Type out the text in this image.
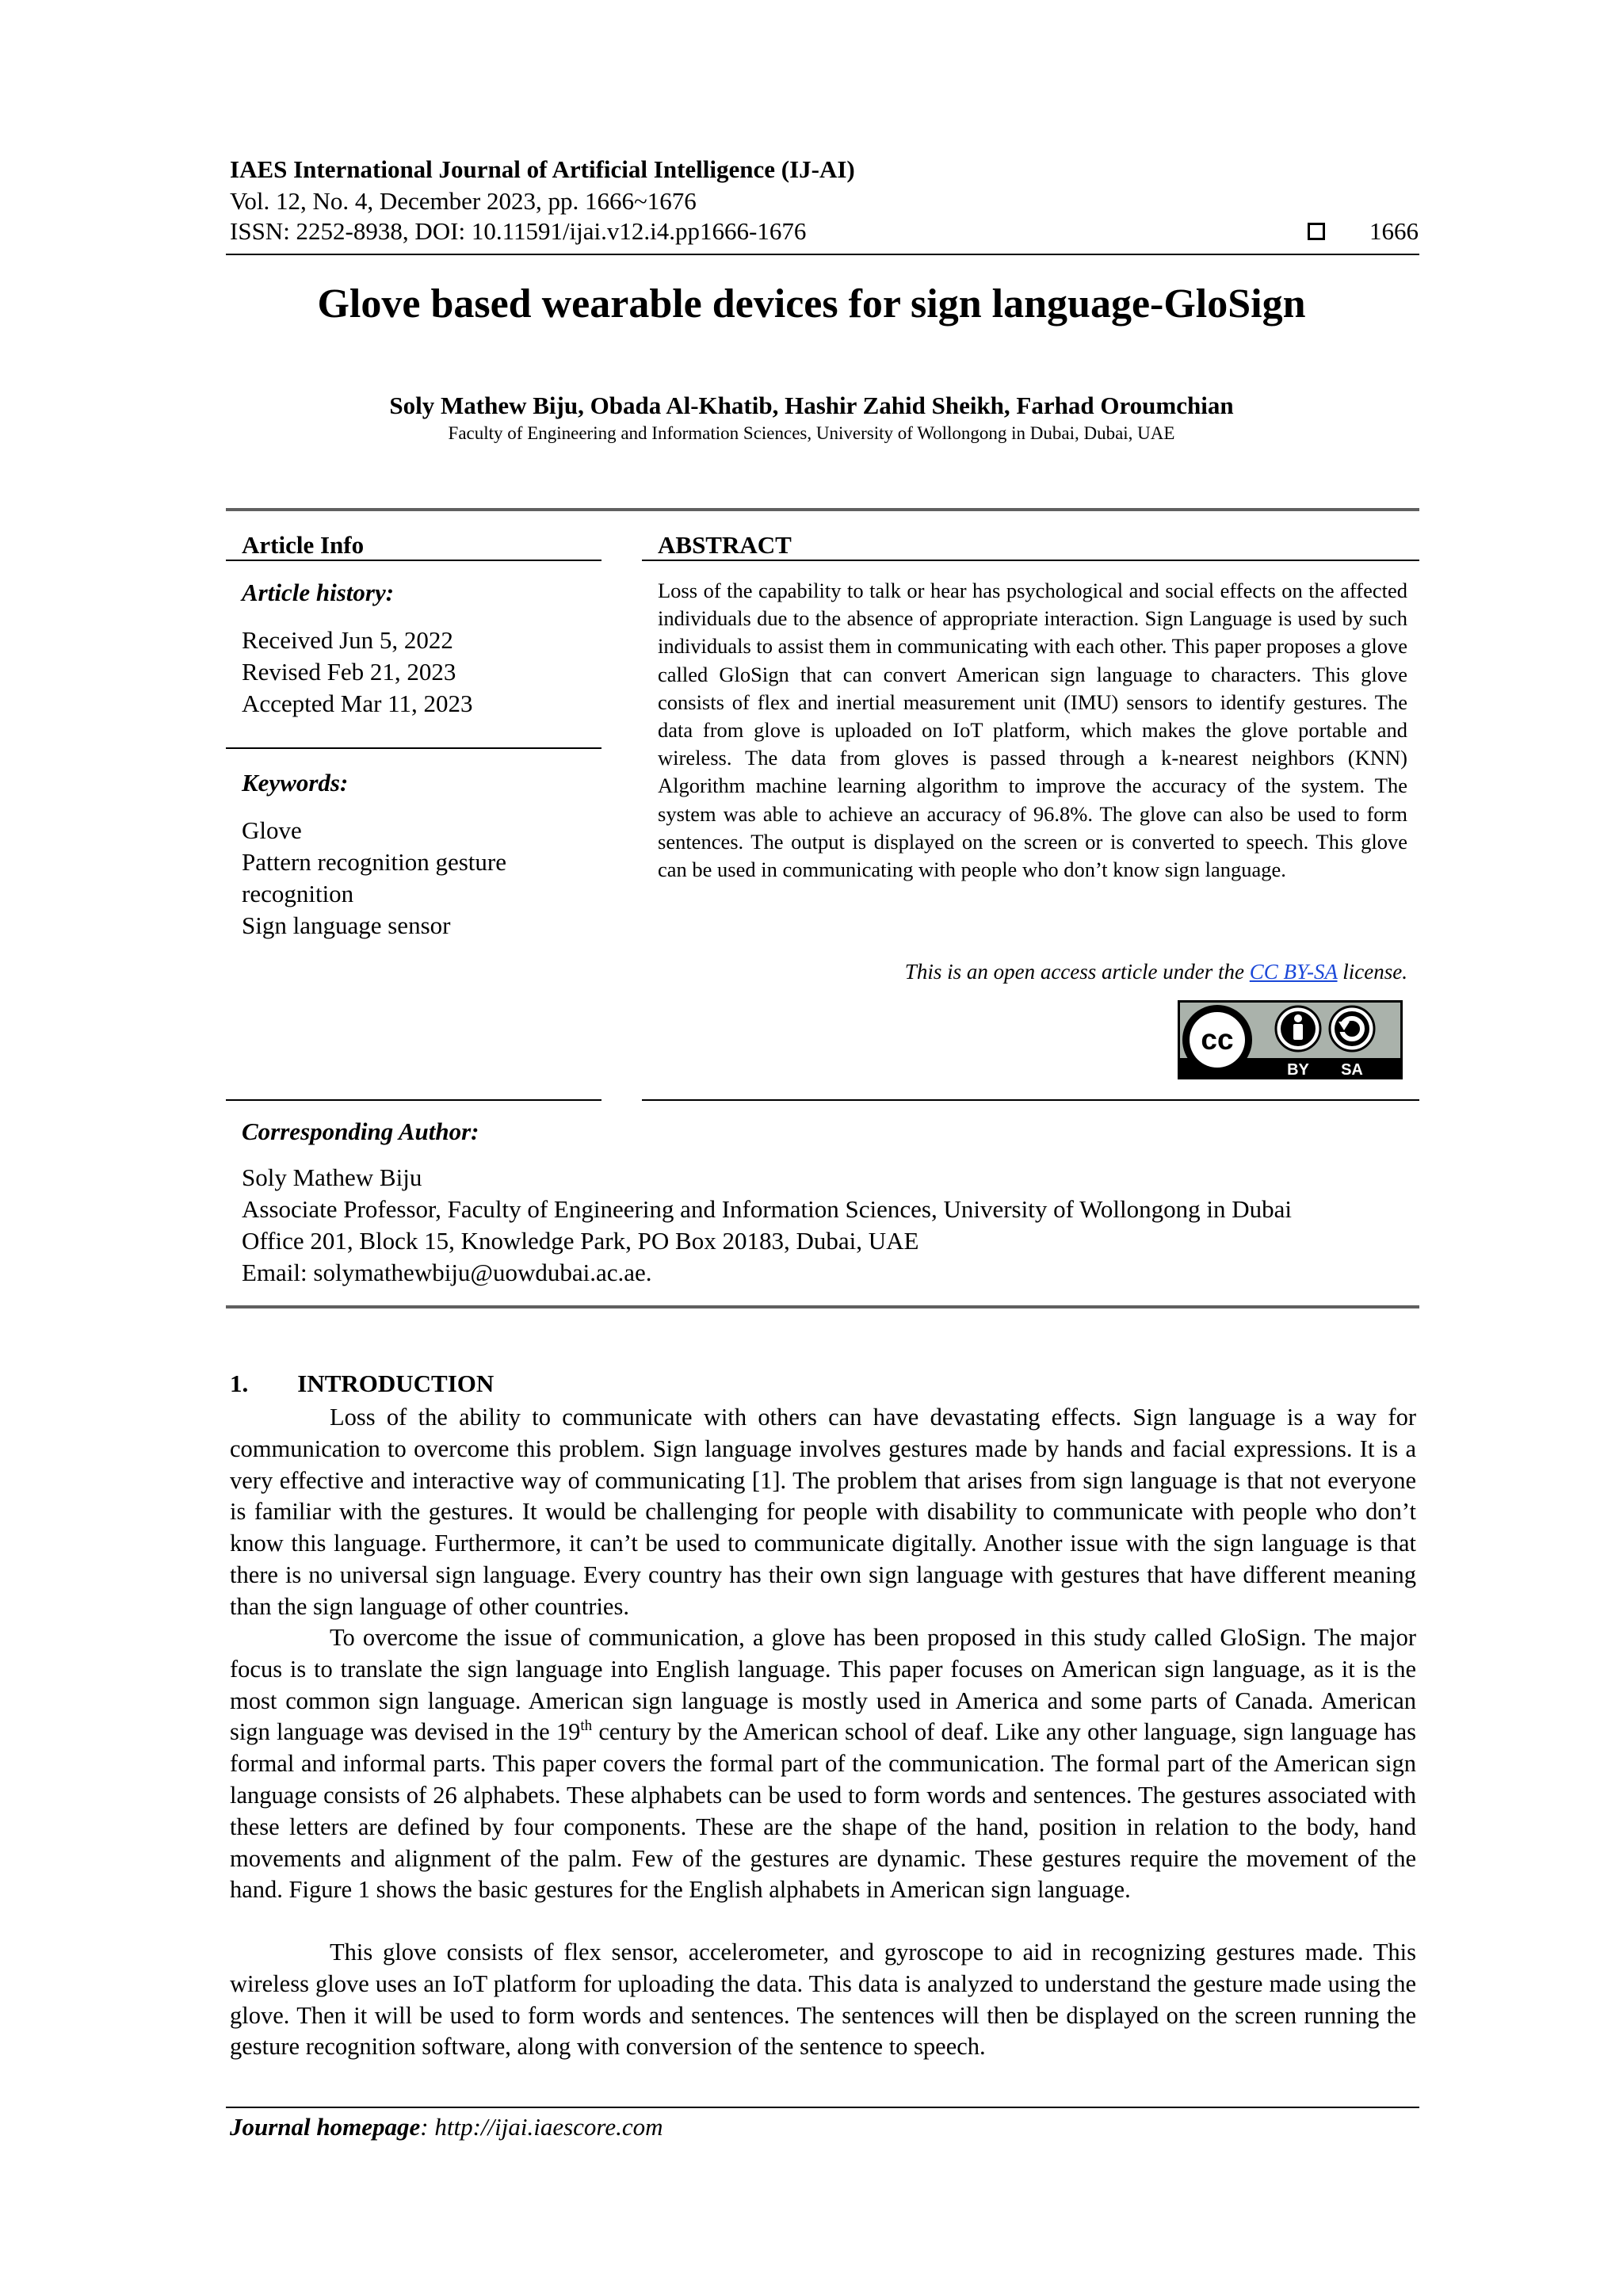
IAES International Journal of Artificial Intelligence (IJ-AI)
Vol. 12, No. 4, December 2023, pp. 1666~1676
ISSN: 2252-8938, DOI: 10.11591/ijai.v12.i4.pp1666-1676	1666
Glove based wearable devices for sign language-GloSign
Soly Mathew Biju, Obada Al-Khatib, Hashir Zahid Sheikh, Farhad Oroumchian
Faculty of Engineering and Information Sciences, University of Wollongong in Dubai, Dubai, UAE
Article Info
Article history:
Received Jun 5, 2022
Revised Feb 21, 2023
Accepted Mar 11, 2023
Keywords:
Glove
Pattern recognition gesture
recognition
Sign language sensor
ABSTRACT

Loss of the capability to talk or hear has psychological and social effects on the affected individuals due to the absence of appropriate interaction. Sign Language is used by such individuals to assist them in communicating with each other. This paper proposes a glove called GloSign that can convert American sign language to characters. This glove consists of flex and inertial measurement unit (IMU) sensors to identify gestures. The data from glove is uploaded on IoT platform, which makes the glove portable and wireless. The data from gloves is passed through a k-nearest neighbors (KNN) Algorithm machine learning algorithm to improve the accuracy of the system. The system was able to achieve an accuracy of 96.8%. The glove can also be used to form sentences. The output is displayed on the screen or is converted to speech. This glove can be used in communicating with people who don’t know sign language.

This is an open access article under the CC BY-SA license.
cc
BY SA
Corresponding Author:
Soly Mathew Biju
Associate Professor, Faculty of Engineering and Information Sciences, University of Wollongong in Dubai
Office 201, Block 15, Knowledge Park, PO Box 20183, Dubai, UAE
Email: solymathewbiju@uowdubai.ac.ae.
1. INTRODUCTION

Loss of the ability to communicate with others can have devastating effects. Sign language is a way for communication to overcome this problem. Sign language involves gestures made by hands and facial expressions. It is a very effective and interactive way of communicating [1]. The problem that arises from sign language is that not everyone is familiar with the gestures. It would be challenging for people with disability to communicate with people who don’t know this language. Furthermore, it can’t be used to communicate digitally. Another issue with the sign language is that there is no universal sign language. Every country has their own sign language with gestures that have different meaning than the sign language of other countries.

To overcome the issue of communication, a glove has been proposed in this study called GloSign. The major focus is to translate the sign language into English language. This paper focuses on American sign language, as it is the most common sign language. American sign language is mostly used in America and some parts of Canada. American sign language was devised in the 19th century by the American school of deaf. Like any other language, sign language has formal and informal parts. This paper covers the formal part of the communication. The formal part of the American sign language consists of 26 alphabets. These alphabets can be used to form words and sentences. The gestures associated with these letters are defined by four components. These are the shape of the hand, position in relation to the body, hand movements and alignment of the palm. Few of the gestures are dynamic. These gestures require the movement of the hand. Figure 1 shows the basic gestures for the English alphabets in American sign language.

This glove consists of flex sensor, accelerometer, and gyroscope to aid in recognizing gestures made. This wireless glove uses an IoT platform for uploading the data. This data is analyzed to understand the gesture made using the glove. Then it will be used to form words and sentences. The sentences will then be displayed on the screen running the gesture recognition software, along with conversion of the sentence to speech.

Journal homepage: http://ijai.iaescore.com
